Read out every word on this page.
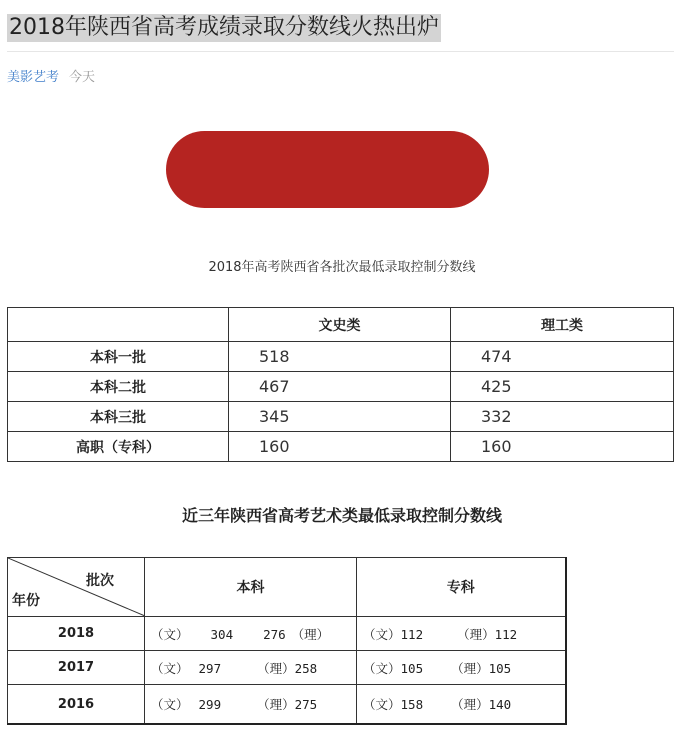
2018年陕西省高考成绩录取分数线火热出炉
美影艺考 今天
2018年高考陕西省各批次最低录取控制分数线
	文史类	理工类
本科一批	518	474
本科二批	467	425
本科三批	345	332
高职（专科）	160	160
近三年陕西省高考艺术类最低录取控制分数线
批次
年份	本科	专科
2018	（文） 304 276 （理）	（文）112 （理）112
2017	（文） 297 （理）258	（文）105 （理）105
2016	（文） 299 （理）275	（文）158 （理）140
